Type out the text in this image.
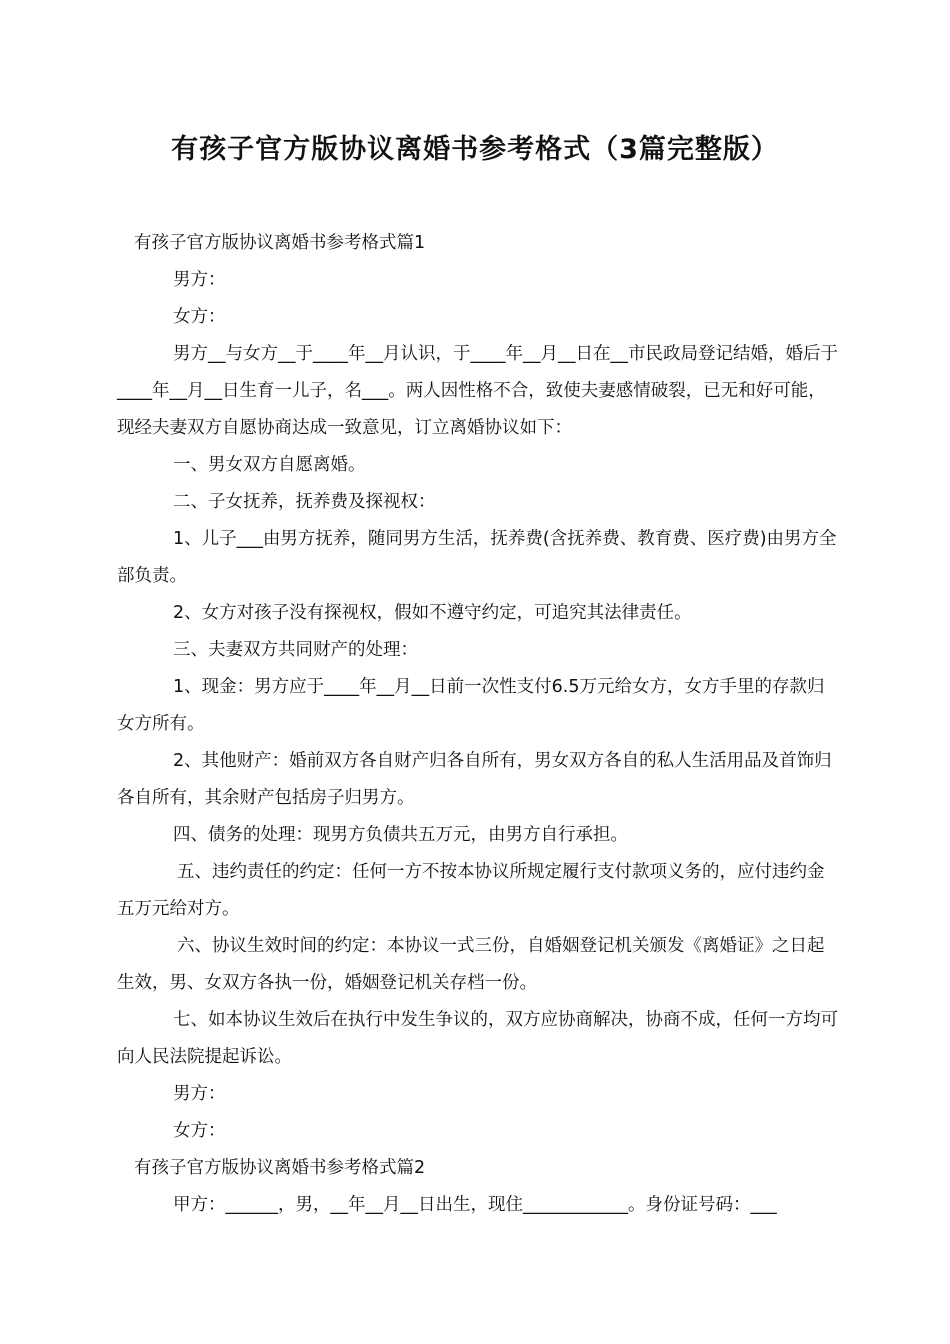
有孩子官方版协议离婚书参考格式（3篇完整版）

有孩子官方版协议离婚书参考格式篇1

男方：

女方：

男方__与女方__于____年__月认识，于____年__月__日在__市民政局登记结婚，婚后于____年__月__日生育一儿子，名___。两人因性格不合，致使夫妻感情破裂，已无和好可能，现经夫妻双方自愿协商达成一致意见，订立离婚协议如下：

一、男女双方自愿离婚。

二、子女抚养，抚养费及探视权：

1、儿子___由男方抚养，随同男方生活，抚养费(含抚养费、教育费、医疗费)由男方全部负责。

2、女方对孩子没有探视权，假如不遵守约定，可追究其法律责任。

三、夫妻双方共同财产的处理：

1、现金：男方应于____年__月__日前一次性支付6.5万元给女方，女方手里的存款归女方所有。

2、其他财产：婚前双方各自财产归各自所有，男女双方各自的私人生活用品及首饰归各自所有，其余财产包括房子归男方。

四、债务的处理：现男方负债共五万元，由男方自行承担。

五、违约责任的约定：任何一方不按本协议所规定履行支付款项义务的，应付违约金五万元给对方。

六、协议生效时间的约定：本协议一式三份，自婚姻登记机关颁发《离婚证》之日起生效，男、女双方各执一份，婚姻登记机关存档一份。

七、如本协议生效后在执行中发生争议的，双方应协商解决，协商不成，任何一方均可向人民法院提起诉讼。

男方：

女方：

有孩子官方版协议离婚书参考格式篇2

甲方：______，男，__年__月__日出生，现住____________。身份证号码：___
